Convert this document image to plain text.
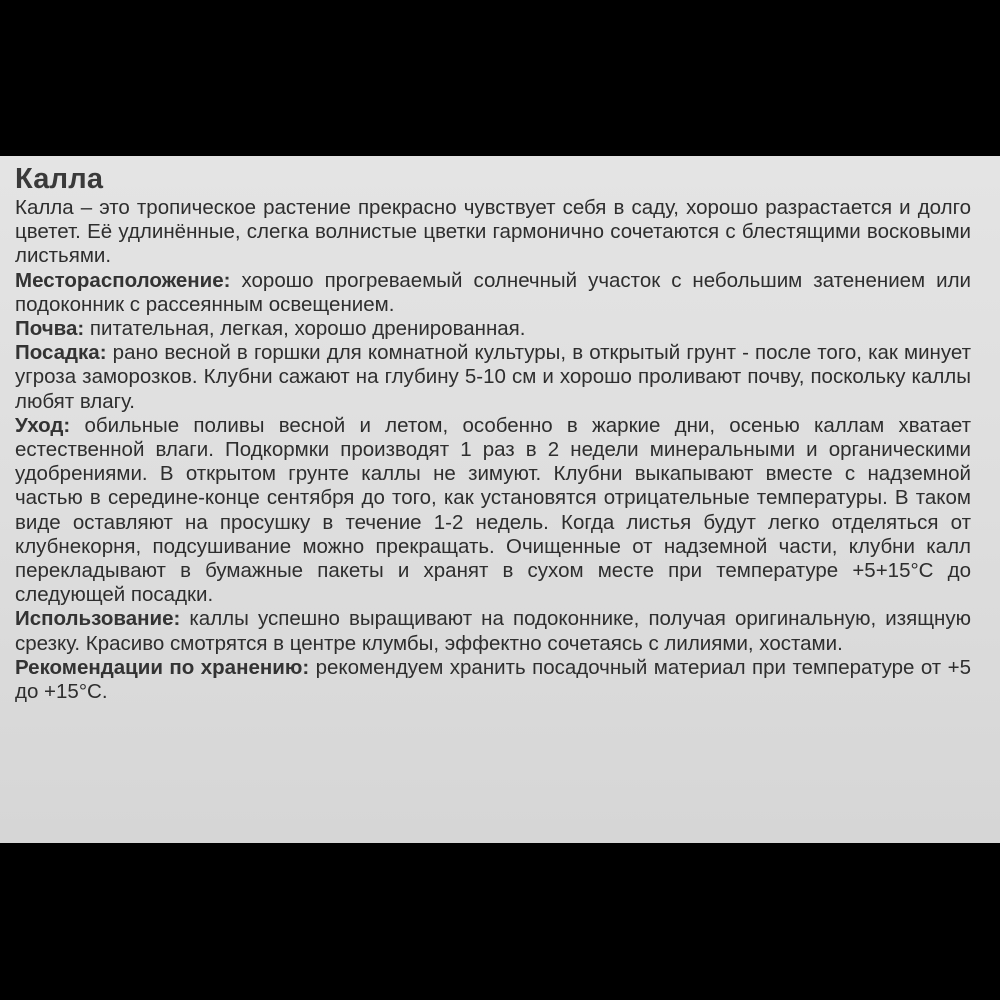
Калла

Калла – это тропическое растение прекрасно чувствует себя в саду, хорошо разрастается и долго цветет. Её удлинённые, слегка волнистые цветки гармонично сочетаются с блестящими восковыми листьями.

Месторасположение: хорошо прогреваемый солнечный участок с небольшим затенением или подоконник с рассеянным освещением.

Почва: питательная, легкая, хорошо дренированная.

Посадка: рано весной в горшки для комнатной культуры, в открытый грунт - после того, как минует угроза заморозков. Клубни сажают на глубину 5-10 см и хорошо проливают почву, поскольку каллы любят влагу.

Уход: обильные поливы весной и летом, особенно в жаркие дни, осенью каллам хватает естественной влаги. Подкормки производят 1 раз в 2 недели минеральными и органическими удобрениями. В открытом грунте каллы не зимуют. Клубни выкапывают вместе с надземной частью в середине-конце сентября до того, как установятся отрицательные температуры. В таком виде оставляют на просушку в течение 1-2 недель. Когда листья будут легко отделяться от клубнекорня, подсушивание можно прекращать. Очищенные от надземной части, клубни калл перекладывают в бумажные пакеты и хранят в сухом месте при температуре +5+15°С до следующей посадки.

Использование: каллы успешно выращивают на подоконнике, получая оригинальную, изящную срезку. Красиво смотрятся в центре клумбы, эффектно сочетаясь с лилиями, хостами.

Рекомендации по хранению: рекомендуем хранить посадочный материал при температуре от +5 до +15°С.
